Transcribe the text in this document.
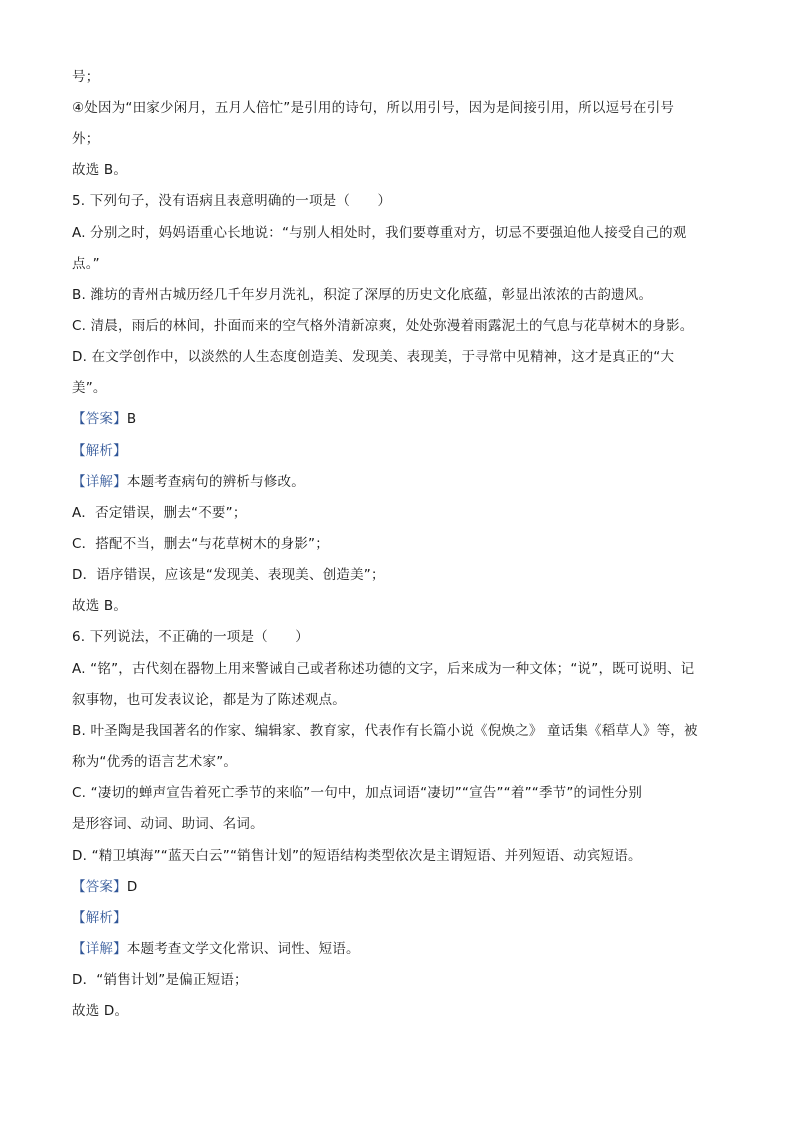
号；
④处因为“田家少闲月，五月人倍忙”是引用的诗句，所以用引号，因为是间接引用，所以逗号在引号
外；
故选 B。
5. 下列句子，没有语病且表意明确的一项是（　　）
A. 分别之时，妈妈语重心长地说：“与别人相处时，我们要尊重对方，切忌不要强迫他人接受自己的观
点。”
B. 潍坊的青州古城历经几千年岁月洗礼，积淀了深厚的历史文化底蕴，彰显出浓浓的古韵遗风。
C. 清晨，雨后的林间，扑面而来的空气格外清新凉爽，处处弥漫着雨露泥土的气息与花草树木的身影。
D. 在文学创作中，以淡然的人生态度创造美、发现美、表现美，于寻常中见精神，这才是真正的“大
美”。
【答案】B
【解析】
【详解】本题考查病句的辨析与修改。
A．否定错误，删去“不要”；
C．搭配不当，删去“与花草树木的身影”；
D．语序错误，应该是“发现美、表现美、创造美”；
故选 B。
6. 下列说法，不正确的一项是（　　）
A. “铭”，古代刻在器物上用来警诫自己或者称述功德的文字，后来成为一种文体；“说”，既可说明、记
叙事物，也可发表议论，都是为了陈述观点。
B. 叶圣陶是我国著名的作家、编辑家、教育家，代表作有长篇小说《倪焕之》 童话集《稻草人》等，被
称为“优秀的语言艺术家”。
C. “凄切的蝉声宣告着死亡季节的来临”一句中，加点词语“凄切”“宣告”“着”“季节”的词性分别
是形容词、动词、助词、名词。
D. “精卫填海”“蓝天白云”“销售计划”的短语结构类型依次是主谓短语、并列短语、动宾短语。
【答案】D
【解析】
【详解】本题考查文学文化常识、词性、短语。
D．“销售计划”是偏正短语；
故选 D。
